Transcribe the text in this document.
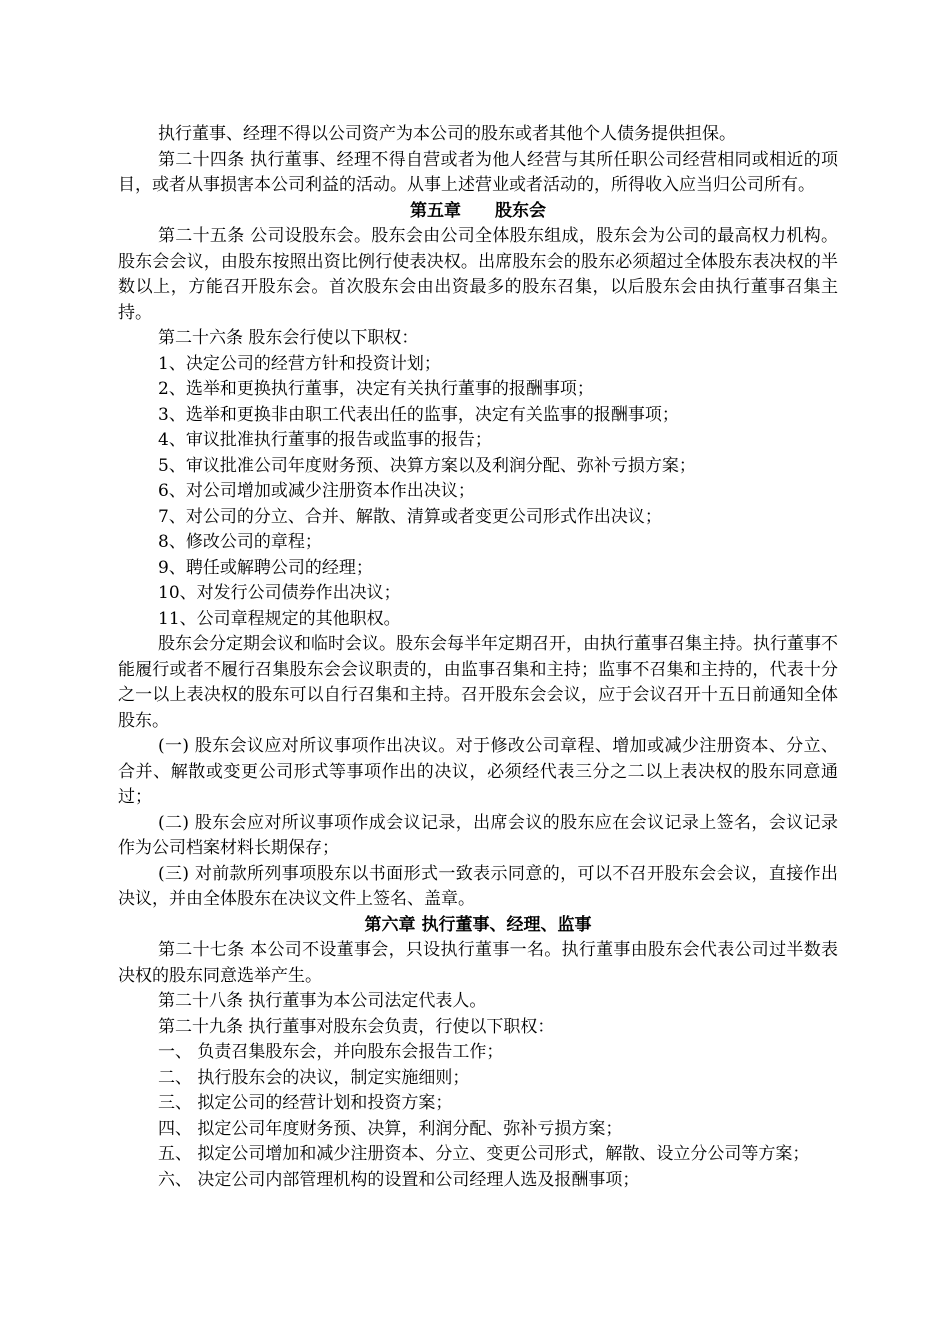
执行董事、经理不得以公司资产为本公司的股东或者其他个人债务提供担保。

第二十四条 执行董事、经理不得自营或者为他人经营与其所任职公司经营相同或相近的项目，或者从事损害本公司利益的活动。从事上述营业或者活动的，所得收入应当归公司所有。

第五章 股东会

第二十五条 公司设股东会。股东会由公司全体股东组成，股东会为公司的最高权力机构。股东会会议，由股东按照出资比例行使表决权。出席股东会的股东必须超过全体股东表决权的半数以上，方能召开股东会。首次股东会由出资最多的股东召集，以后股东会由执行董事召集主持。

第二十六条 股东会行使以下职权：

1、决定公司的经营方针和投资计划；

2、选举和更换执行董事，决定有关执行董事的报酬事项；

3、选举和更换非由职工代表出任的监事，决定有关监事的报酬事项；

4、审议批准执行董事的报告或监事的报告；

5、审议批准公司年度财务预、决算方案以及利润分配、弥补亏损方案；

6、对公司增加或减少注册资本作出决议；

7、对公司的分立、合并、解散、清算或者变更公司形式作出决议；

8、修改公司的章程；

9、聘任或解聘公司的经理；

10、对发行公司债券作出决议；

11、公司章程规定的其他职权。

股东会分定期会议和临时会议。股东会每半年定期召开，由执行董事召集主持。执行董事不能履行或者不履行召集股东会会议职责的，由监事召集和主持；监事不召集和主持的，代表十分之一以上表决权的股东可以自行召集和主持。召开股东会会议，应于会议召开十五日前通知全体股东。

(一) 股东会议应对所议事项作出决议。对于修改公司章程、增加或减少注册资本、分立、合并、解散或变更公司形式等事项作出的决议，必须经代表三分之二以上表决权的股东同意通过；

(二) 股东会应对所议事项作成会议记录，出席会议的股东应在会议记录上签名，会议记录作为公司档案材料长期保存；

(三) 对前款所列事项股东以书面形式一致表示同意的，可以不召开股东会会议，直接作出决议，并由全体股东在决议文件上签名、盖章。

第六章 执行董事、经理、监事

第二十七条 本公司不设董事会，只设执行董事一名。执行董事由股东会代表公司过半数表决权的股东同意选举产生。

第二十八条 执行董事为本公司法定代表人。

第二十九条 执行董事对股东会负责，行使以下职权：

一、 负责召集股东会，并向股东会报告工作；

二、 执行股东会的决议，制定实施细则；

三、 拟定公司的经营计划和投资方案；

四、 拟定公司年度财务预、决算，利润分配、弥补亏损方案；

五、 拟定公司增加和减少注册资本、分立、变更公司形式，解散、设立分公司等方案；

六、 决定公司内部管理机构的设置和公司经理人选及报酬事项；
